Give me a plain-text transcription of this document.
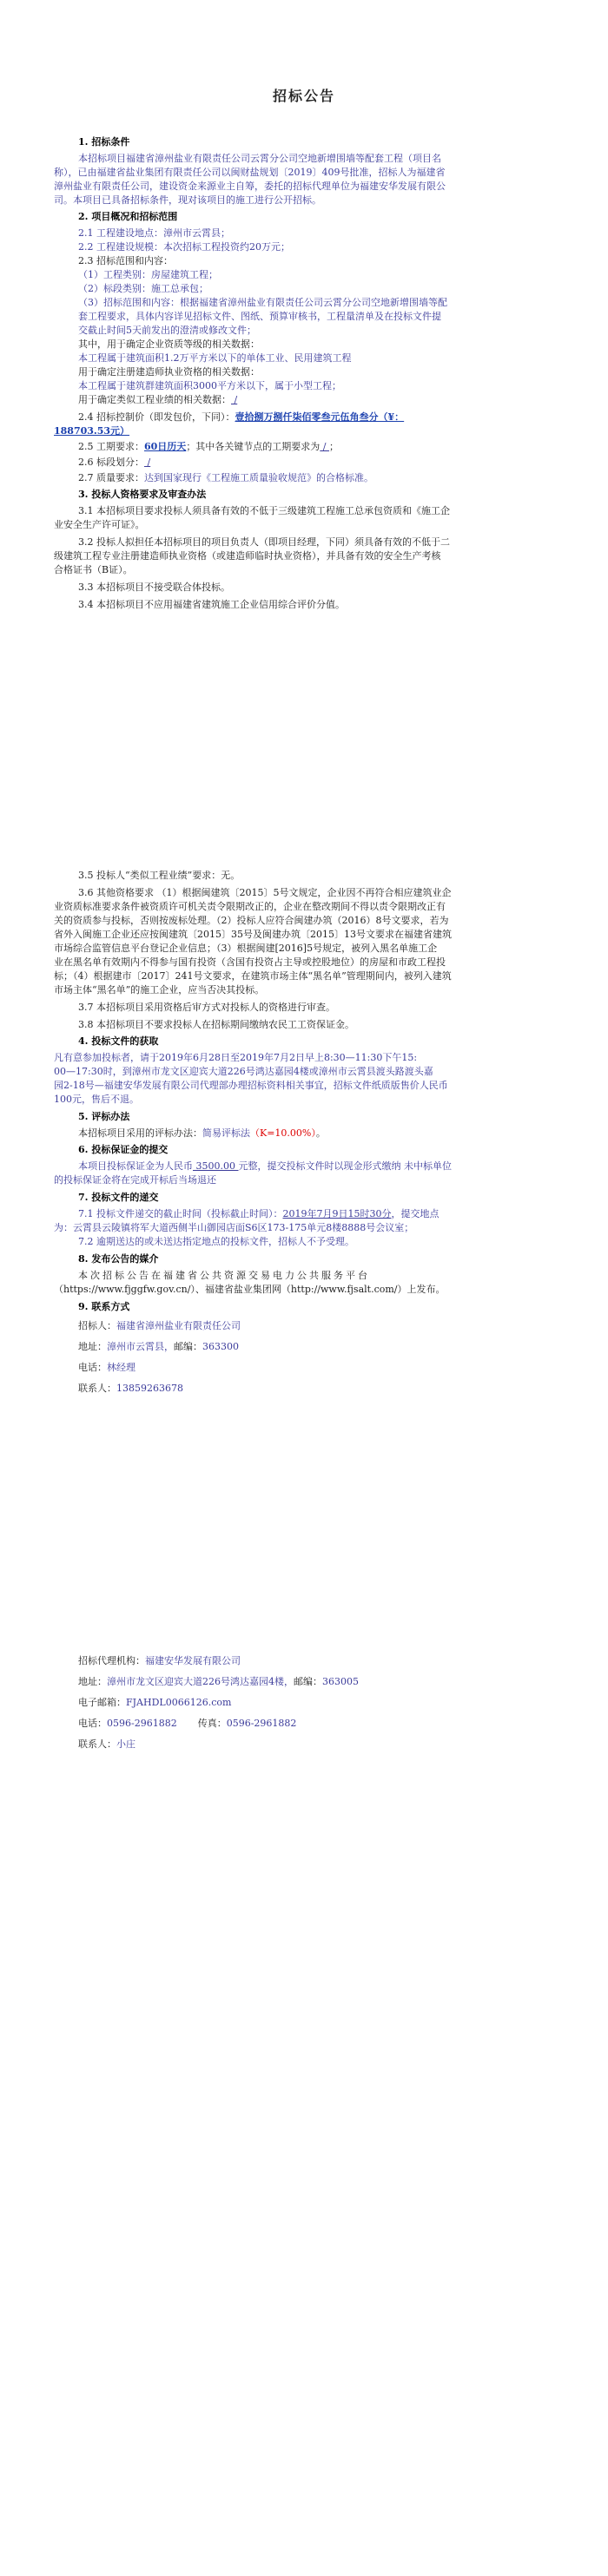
招标公告
1. 招标条件
本招标项目福建省漳州盐业有限责任公司云霄分公司空地新增围墙等配套工程（项目名
称），已由福建省盐业集团有限责任公司以闽财盐规划〔2019〕409号批准，招标人为福建省
漳州盐业有限责任公司，建设资金来源业主自筹，委托的招标代理单位为福建安华发展有限公
司。本项目已具备招标条件，现对该项目的施工进行公开招标。
2. 项目概况和招标范围
2.1 工程建设地点：漳州市云霄县；
2.2 工程建设规模：本次招标工程投资约20万元；
2.3 招标范围和内容：
（1）工程类别：房屋建筑工程；
（2）标段类别：施工总承包；
（3）招标范围和内容：根据福建省漳州盐业有限责任公司云霄分公司空地新增围墙等配
套工程要求，具体内容详见招标文件、图纸、预算审核书，工程量清单及在投标文件提
交截止时间5天前发出的澄清或修改文件；
其中，用于确定企业资质等级的相关数据：
本工程属于建筑面积1.2万平方米以下的单体工业、民用建筑工程
用于确定注册建造师执业资格的相关数据：
本工程属于建筑群建筑面积3000平方米以下，属于小型工程；
用于确定类似工程业绩的相关数据： /
2.4 招标控制价（即发包价，下同）：壹拾捌万捌仟柒佰零叁元伍角叁分（¥：
188703.53元）
2.5 工期要求：60日历天；其中各关键节点的工期要求为 / ；
2.6 标段划分： /
2.7 质量要求：达到国家现行《工程施工质量验收规范》的合格标准。
3. 投标人资格要求及审查办法
3.1 本招标项目要求投标人须具备有效的不低于三级建筑工程施工总承包资质和《施工企
业安全生产许可证》。
3.2 投标人拟担任本招标项目的项目负责人（即项目经理，下同）须具备有效的不低于二
级建筑工程专业注册建造师执业资格（或建造师临时执业资格），并具备有效的安全生产考核
合格证书（B证）。
3.3 本招标项目不接受联合体投标。
3.4 本招标项目不应用福建省建筑施工企业信用综合评价分值。
3.5 投标人“类似工程业绩”要求：无。
3.6 其他资格要求 （1）根据闽建筑〔2015〕5号文规定，企业因不再符合相应建筑业企
业资质标准要求条件被资质许可机关责令限期改正的，企业在整改期间不得以责令限期改正有
关的资质参与投标，否则按废标处理。（2）投标人应符合闽建办筑（2016）8号文要求，若为
省外入闽施工企业还应按闽建筑〔2015〕35号及闽建办筑〔2015〕13号文要求在福建省建筑
市场综合监管信息平台登记企业信息；（3）根据闽建[2016]5号规定，被列入黑名单施工企
业在黑名单有效期内不得参与国有投资（含国有投资占主导或控股地位）的房屋和市政工程投
标；（4）根据建市〔2017〕241号文要求，在建筑市场主体“黑名单”管理期间内，被列入建筑
市场主体“黑名单”的施工企业，应当否决其投标。
3.7 本招标项目采用资格后审方式对投标人的资格进行审查。
3.8 本招标项目不要求投标人在招标期间缴纳农民工工资保证金。
4. 投标文件的获取
凡有意参加投标者，请于2019年6月28日至2019年7月2日早上8:30—11:30下午15:
00—17:30时，到漳州市龙文区迎宾大道226号鸿达嘉园4楼或漳州市云霄县渡头路渡头嘉
园2-18号—福建安华发展有限公司代理部办理招标资料相关事宜，招标文件纸质版售价人民币
100元，售后不退。
5. 评标办法
本招标项目采用的评标办法：简易评标法（K=10.00%）。
6. 投标保证金的提交
本项目投标保证金为人民币 3500.00 元整，提交投标文件时以现金形式缴纳 未中标单位
的投标保证金将在完成开标后当场退还
7. 投标文件的递交
7.1 投标文件递交的截止时间（投标截止时间）：2019年7月9日15时30分，提交地点
为：云霄县云陵镇将军大道西侧半山御园店面S6区173-175单元8楼8888号会议室；
7.2 逾期送达的或未送达指定地点的投标文件，招标人不予受理。
8. 发布公告的媒介
本次招标公告在福建省公共资源交易电力公共服务平台
（https://www.fjggfw.gov.cn/）、福建省盐业集团网（http://www.fjsalt.com/）上发布。
9. 联系方式
招标人：福建省漳州盐业有限责任公司
地址：漳州市云霄县，邮编：363300
电话：林经理
联系人：13859263678
招标代理机构：福建安华发展有限公司
地址：漳州市龙文区迎宾大道226号鸿达嘉园4楼，邮编：363005
电子邮箱：FJAHDL0066126.com
电话：0596-2961882 传真：0596-2961882
联系人：小庄
